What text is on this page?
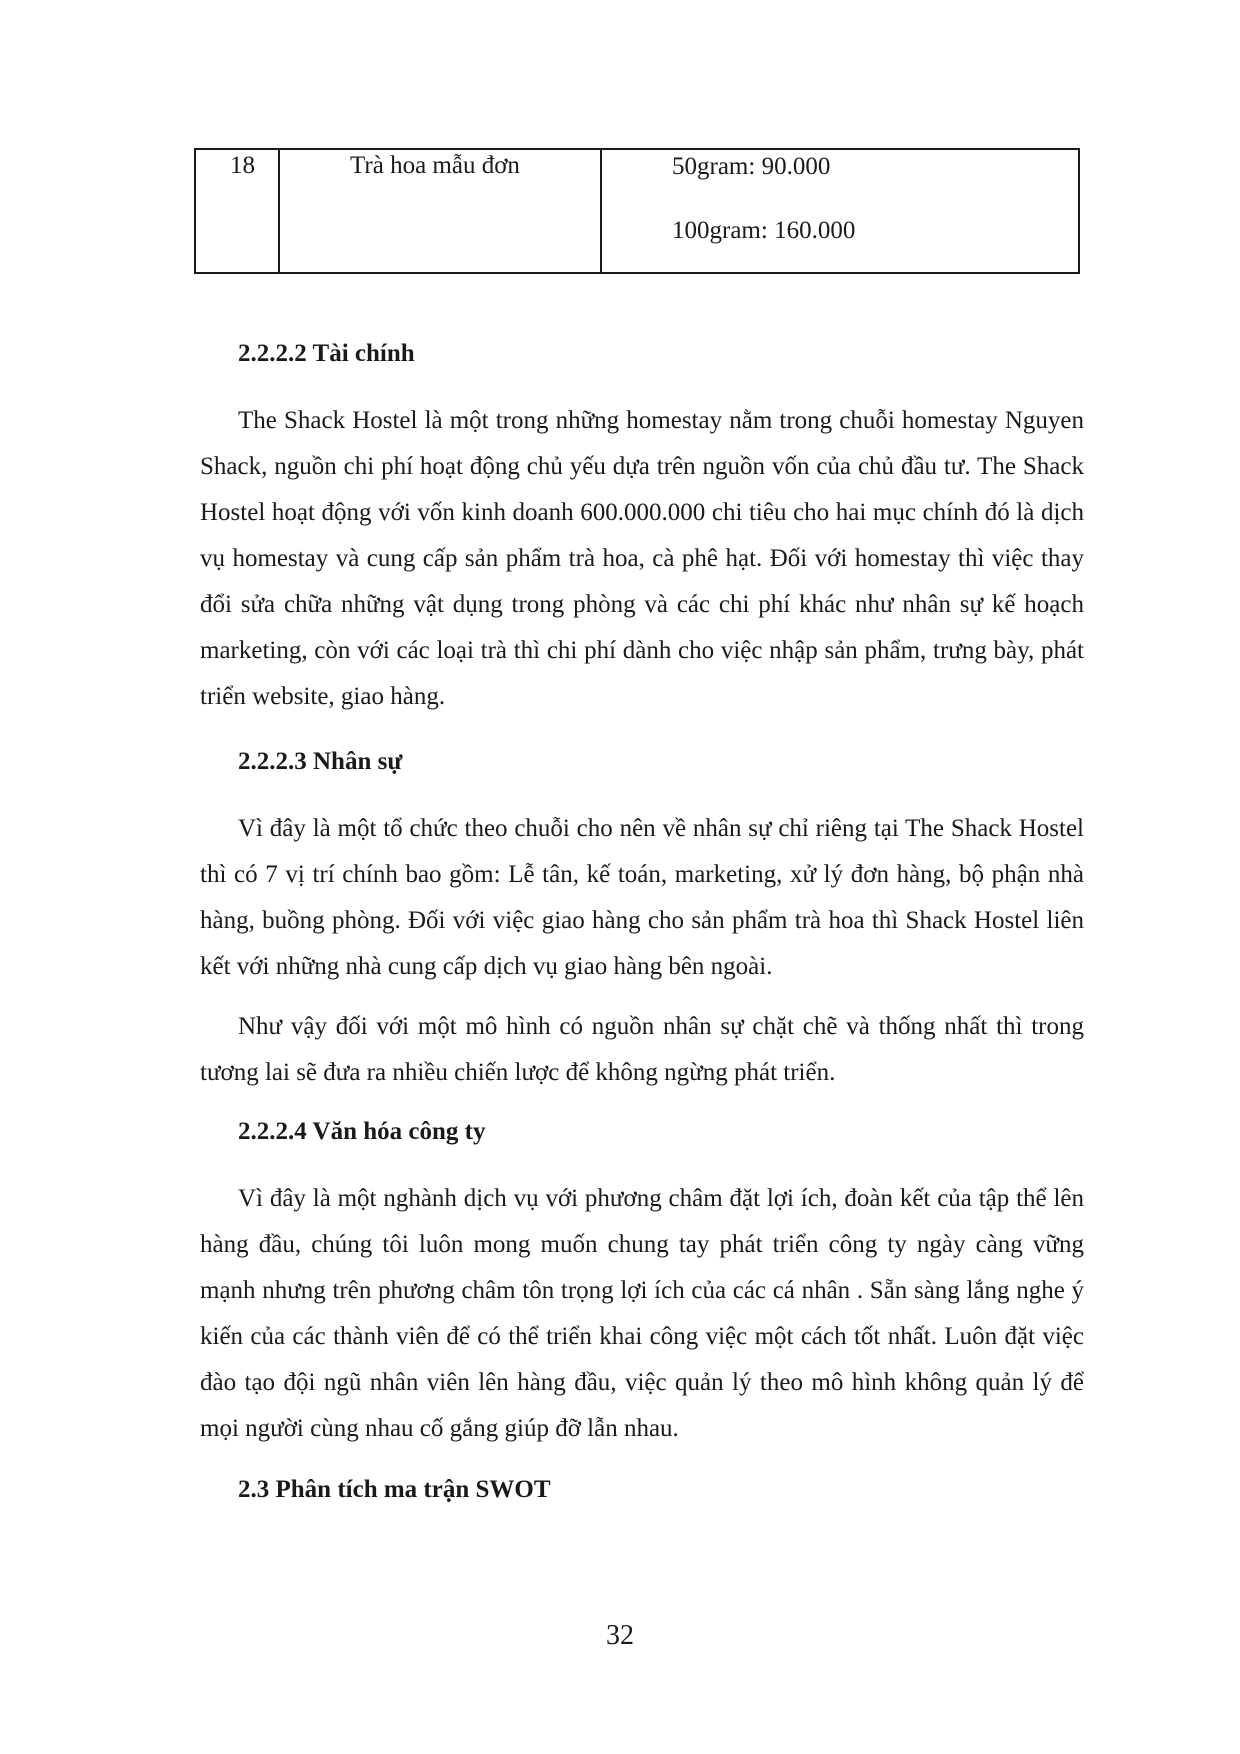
18	Trà hoa mẫu đơn	50gram: 90.000
100gram: 160.000
2.2.2.2 Tài chính

The Shack Hostel là một trong những homestay nằm trong chuỗi homestay Nguyen Shack, nguồn chi phí hoạt động chủ yếu dựa trên nguồn vốn của chủ đầu tư. The Shack Hostel hoạt động với vốn kinh doanh 600.000.000 chi tiêu cho hai mục chính đó là dịch vụ homestay và cung cấp sản phẩm trà hoa, cà phê hạt. Đối với homestay thì việc thay đổi sửa chữa những vật dụng trong phòng và các chi phí khác như nhân sự kế hoạch marketing, còn với các loại trà thì chi phí dành cho việc nhập sản phẩm, trưng bày, phát triển website, giao hàng.

2.2.2.3 Nhân sự

Vì đây là một tổ chức theo chuỗi cho nên về nhân sự chỉ riêng tại The Shack Hostel thì có 7 vị trí chính bao gồm: Lễ tân, kế toán, marketing, xử lý đơn hàng, bộ phận nhà hàng, buồng phòng. Đối với việc giao hàng cho sản phẩm trà hoa thì Shack Hostel liên kết với những nhà cung cấp dịch vụ giao hàng bên ngoài.

Như vậy đối với một mô hình có nguồn nhân sự chặt chẽ và thống nhất thì trong tương lai sẽ đưa ra nhiều chiến lược để không ngừng phát triển.

2.2.2.4 Văn hóa công ty

Vì đây là một nghành dịch vụ với phương châm đặt lợi ích, đoàn kết của tập thể lên hàng đầu, chúng tôi luôn mong muốn chung tay phát triển công ty ngày càng vững mạnh nhưng trên phương châm tôn trọng lợi ích của các cá nhân . Sẵn sàng lắng nghe ý kiến của các thành viên để có thể triển khai công việc một cách tốt nhất. Luôn đặt việc đào tạo đội ngũ nhân viên lên hàng đầu, việc quản lý theo mô hình không quản lý để mọi người cùng nhau cố gắng giúp đỡ lẫn nhau.

2.3 Phân tích ma trận SWOT

32
